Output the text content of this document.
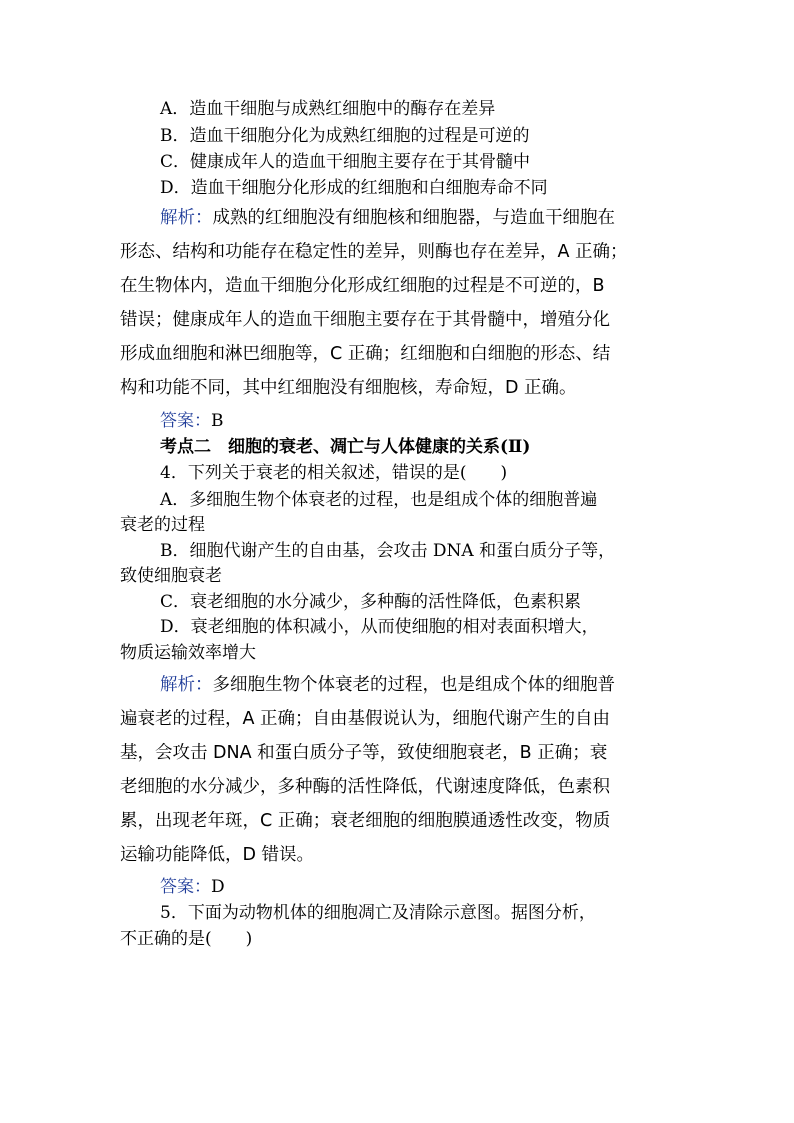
A．造血干细胞与成熟红细胞中的酶存在差异
B．造血干细胞分化为成熟红细胞的过程是可逆的
C．健康成年人的造血干细胞主要存在于其骨髓中
D．造血干细胞分化形成的红细胞和白细胞寿命不同
解析：成熟的红细胞没有细胞核和细胞器，与造血干细胞在
形态、结构和功能存在稳定性的差异，则酶也存在差异，A 正确；
在生物体内，造血干细胞分化形成红细胞的过程是不可逆的，B
错误；健康成年人的造血干细胞主要存在于其骨髓中，增殖分化
形成血细胞和淋巴细胞等，C 正确；红细胞和白细胞的形态、结
构和功能不同，其中红细胞没有细胞核，寿命短，D 正确。
答案：B
考点二　细胞的衰老、凋亡与人体健康的关系(Ⅱ)
4．下列关于衰老的相关叙述，错误的是(　　)
A．多细胞生物个体衰老的过程，也是组成个体的细胞普遍
衰老的过程
B．细胞代谢产生的自由基，会攻击 DNA 和蛋白质分子等，
致使细胞衰老
C．衰老细胞的水分减少，多种酶的活性降低，色素积累
D．衰老细胞的体积减小，从而使细胞的相对表面积增大，
物质运输效率增大
解析：多细胞生物个体衰老的过程，也是组成个体的细胞普
遍衰老的过程，A 正确；自由基假说认为，细胞代谢产生的自由
基，会攻击 DNA 和蛋白质分子等，致使细胞衰老，B 正确；衰
老细胞的水分减少，多种酶的活性降低，代谢速度降低，色素积
累，出现老年斑，C 正确；衰老细胞的细胞膜通透性改变，物质
运输功能降低，D 错误。
答案：D
5．下面为动物机体的细胞凋亡及清除示意图。据图分析，
不正确的是(　　)
